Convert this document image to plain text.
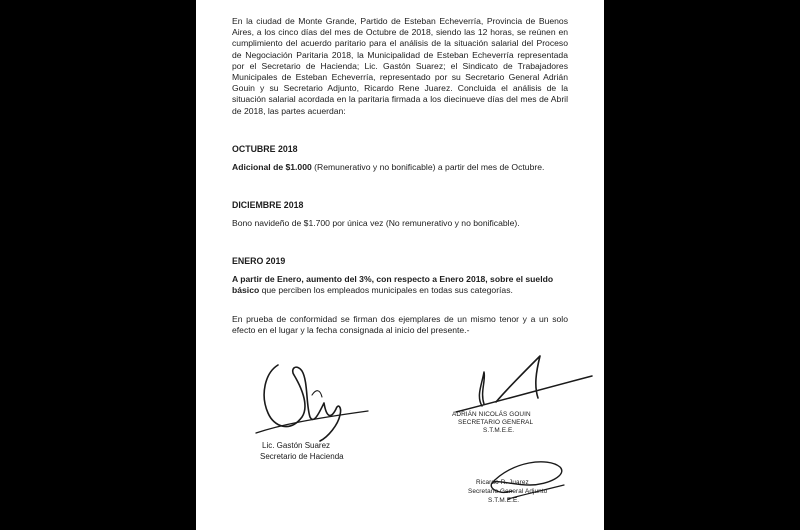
En la ciudad de Monte Grande, Partido de Esteban Echeverría, Provincia de Buenos Aires, a los cinco días del mes de Octubre de 2018, siendo las 12 horas, se reúnen en cumplimiento del acuerdo paritario para el análisis de la situación salarial del Proceso de Negociación Paritaria 2018, la Municipalidad de Esteban Echeverría representada por el Secretario de Hacienda; Lic. Gastón Suarez; el Sindicato de Trabajadores Municipales de Esteban Echeverría, representado por su Secretario General Adrián Gouin y su Secretario Adjunto, Ricardo Rene Juarez. Concluida el análisis de la situación salarial acordada en la paritaria firmada a los diecinueve días del mes de Abril de 2018, las partes acuerdan:
OCTUBRE 2018
Adicional de $1.000 (Remunerativo y no bonificable) a partir del mes de Octubre.
DICIEMBRE 2018
Bono navideño de $1.700 por única vez (No remunerativo y no bonificable).
ENERO 2019
A partir de Enero, aumento del 3%, con respecto a Enero 2018, sobre el sueldo básico que perciben los empleados municipales en todas sus categorías.
En prueba de conformidad se firman dos ejemplares de un mismo tenor y a un solo efecto en el lugar y la fecha consignada al inicio del presente.-
Lic. Gastón Suarez
Secretario de Hacienda
ADRIÁN NICOLÁS GOUIN
SECRETARIO GENERAL
S.T.M.E.E.
Ricardo R. Juarez
Secretario General Adjunto
S.T.M.E.E.
